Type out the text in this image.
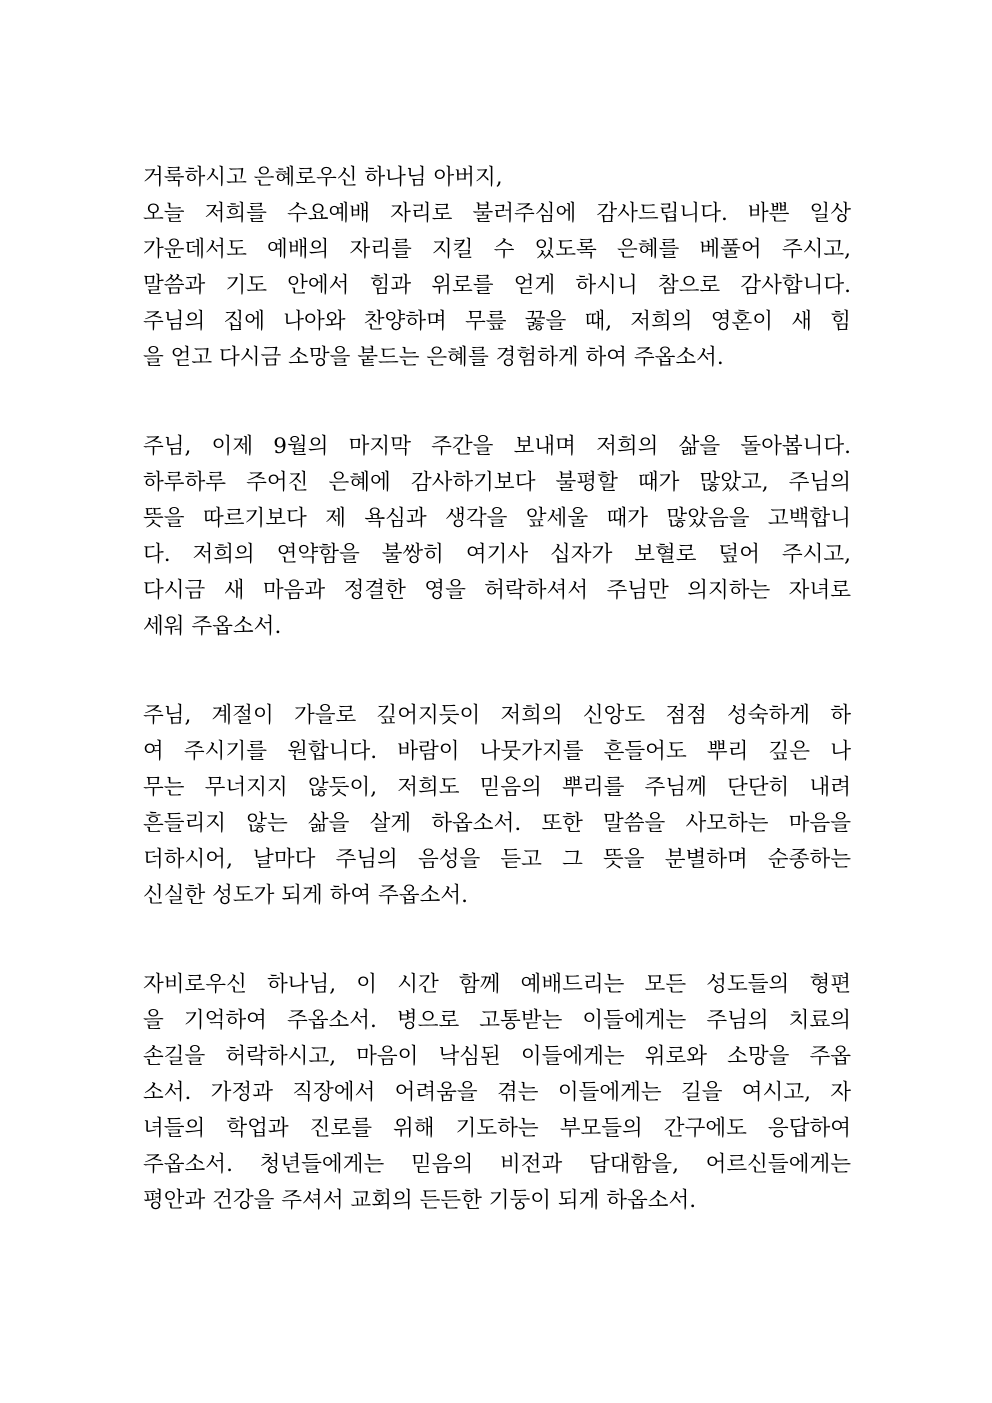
거룩하시고 은혜로우신 하나님 아버지,
오늘 저희를 수요예배 자리로 불러주심에 감사드립니다. 바쁜 일상
가운데서도 예배의 자리를 지킬 수 있도록 은혜를 베풀어 주시고,
말씀과 기도 안에서 힘과 위로를 얻게 하시니 참으로 감사합니다.
주님의 집에 나아와 찬양하며 무릎 꿇을 때, 저희의 영혼이 새 힘
을 얻고 다시금 소망을 붙드는 은혜를 경험하게 하여 주옵소서.
주님, 이제 9월의 마지막 주간을 보내며 저희의 삶을 돌아봅니다.
하루하루 주어진 은혜에 감사하기보다 불평할 때가 많았고, 주님의
뜻을 따르기보다 제 욕심과 생각을 앞세울 때가 많았음을 고백합니
다. 저희의 연약함을 불쌍히 여기사 십자가 보혈로 덮어 주시고,
다시금 새 마음과 정결한 영을 허락하셔서 주님만 의지하는 자녀로
세워 주옵소서.
주님, 계절이 가을로 깊어지듯이 저희의 신앙도 점점 성숙하게 하
여 주시기를 원합니다. 바람이 나뭇가지를 흔들어도 뿌리 깊은 나
무는 무너지지 않듯이, 저희도 믿음의 뿌리를 주님께 단단히 내려
흔들리지 않는 삶을 살게 하옵소서. 또한 말씀을 사모하는 마음을
더하시어, 날마다 주님의 음성을 듣고 그 뜻을 분별하며 순종하는
신실한 성도가 되게 하여 주옵소서.
자비로우신 하나님, 이 시간 함께 예배드리는 모든 성도들의 형편
을 기억하여 주옵소서. 병으로 고통받는 이들에게는 주님의 치료의
손길을 허락하시고, 마음이 낙심된 이들에게는 위로와 소망을 주옵
소서. 가정과 직장에서 어려움을 겪는 이들에게는 길을 여시고, 자
녀들의 학업과 진로를 위해 기도하는 부모들의 간구에도 응답하여
주옵소서. 청년들에게는 믿음의 비전과 담대함을, 어르신들에게는
평안과 건강을 주셔서 교회의 든든한 기둥이 되게 하옵소서.
